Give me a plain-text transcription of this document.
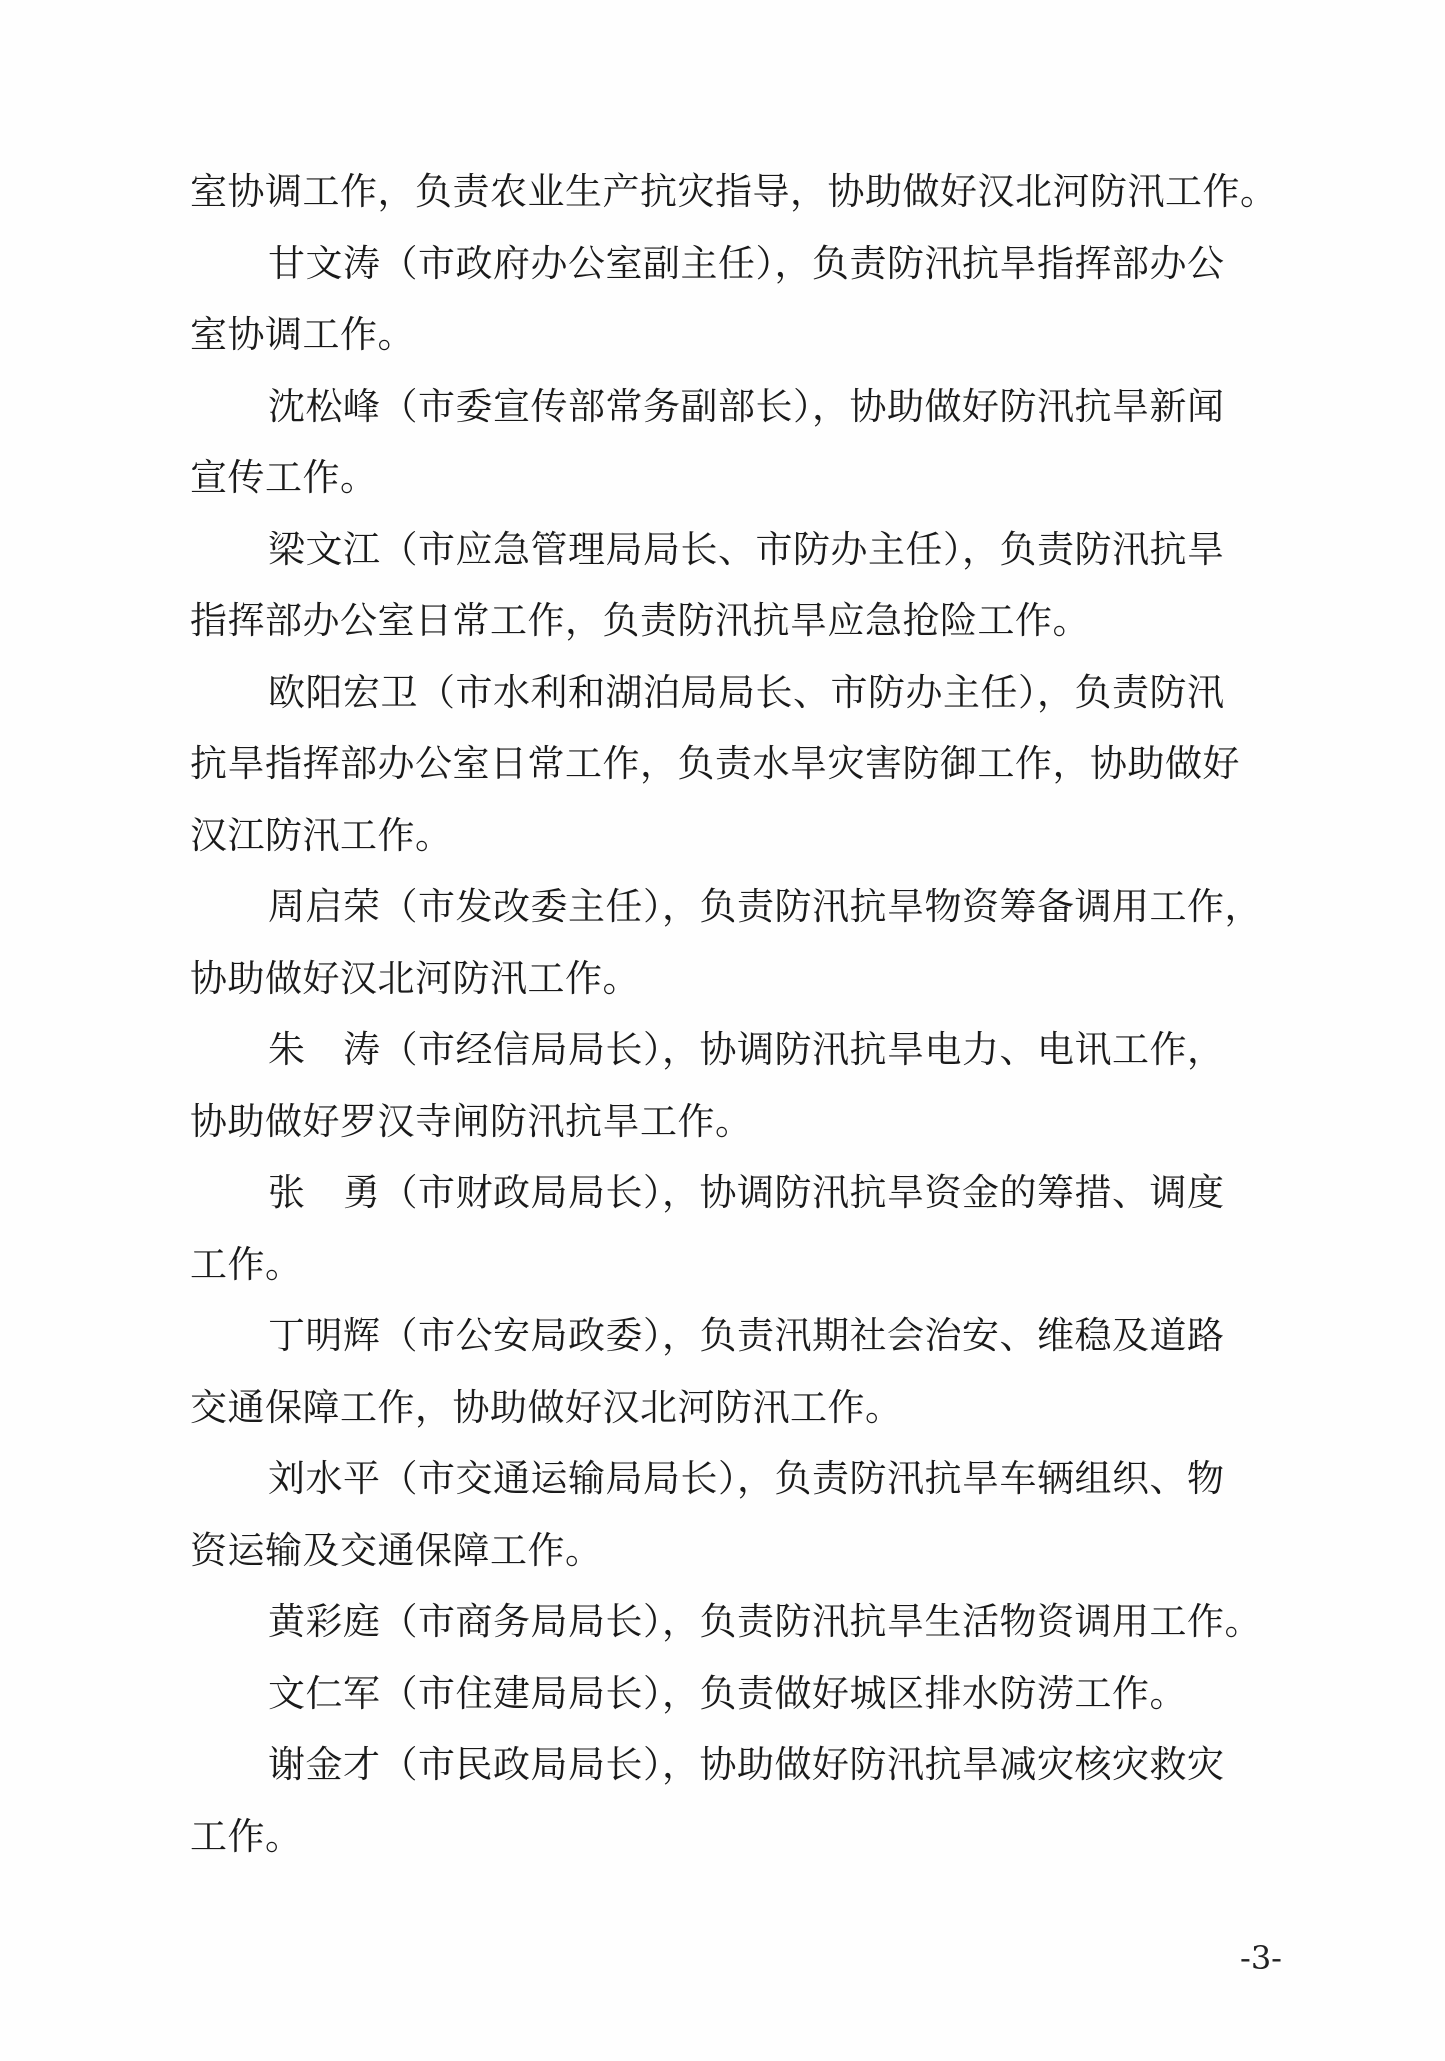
室协调工作，负责农业生产抗灾指导，协助做好汉北河防汛工作。
甘文涛（市政府办公室副主任），负责防汛抗旱指挥部办公
室协调工作。
沈松峰（市委宣传部常务副部长），协助做好防汛抗旱新闻
宣传工作。
梁文江（市应急管理局局长、市防办主任），负责防汛抗旱
指挥部办公室日常工作，负责防汛抗旱应急抢险工作。
欧阳宏卫（市水利和湖泊局局长、市防办主任），负责防汛
抗旱指挥部办公室日常工作，负责水旱灾害防御工作，协助做好
汉江防汛工作。
周启荣（市发改委主任），负责防汛抗旱物资筹备调用工作，
协助做好汉北河防汛工作。
朱　涛（市经信局局长），协调防汛抗旱电力、电讯工作，
协助做好罗汉寺闸防汛抗旱工作。
张　勇（市财政局局长），协调防汛抗旱资金的筹措、调度
工作。
丁明辉（市公安局政委），负责汛期社会治安、维稳及道路
交通保障工作，协助做好汉北河防汛工作。
刘水平（市交通运输局局长），负责防汛抗旱车辆组织、物
资运输及交通保障工作。
黄彩庭（市商务局局长），负责防汛抗旱生活物资调用工作。
文仁军（市住建局局长），负责做好城区排水防涝工作。
谢金才（市民政局局长），协助做好防汛抗旱减灾核灾救灾
工作。
-3-
